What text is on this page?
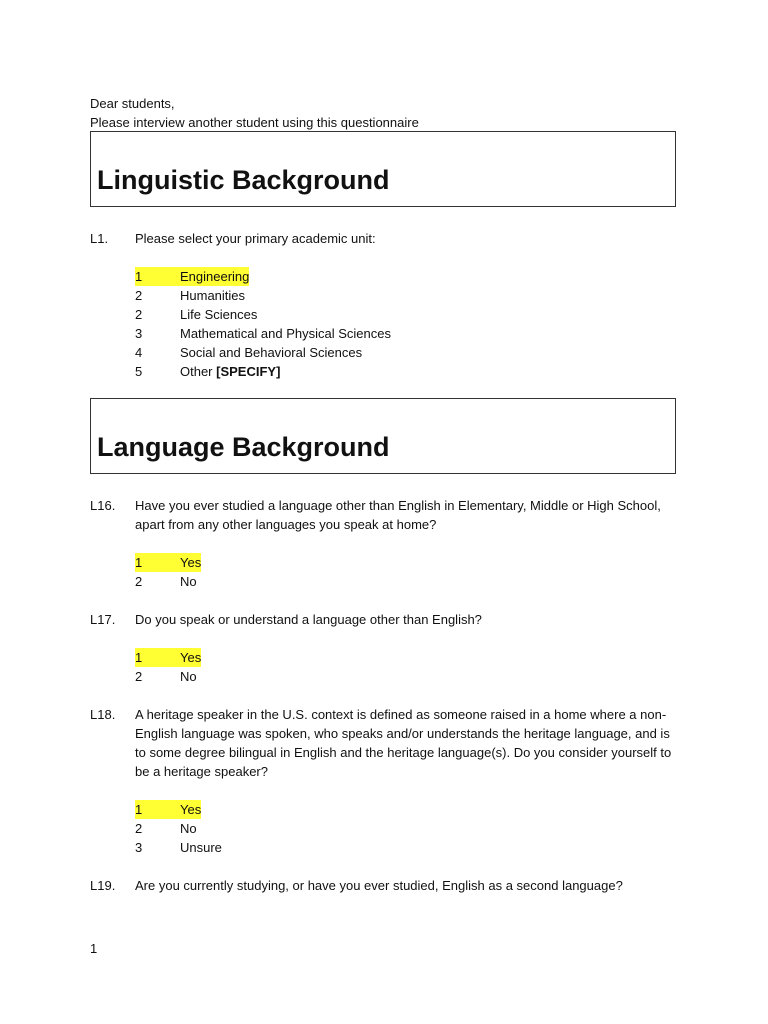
Dear students,
Please interview another student using this questionnaire
Linguistic Background
L1.	Please select your primary academic unit:
1	Engineering
2	Humanities
2	Life Sciences
3	Mathematical and Physical Sciences
4	Social and Behavioral Sciences
5	Other [SPECIFY]
Language Background
L16.	Have you ever studied a language other than English in Elementary, Middle or High School, apart from any other languages you speak at home?
1	Yes
2	No
L17.	Do you speak or understand a language other than English?
1	Yes
2	No
L18.	A heritage speaker in the U.S. context is defined as someone raised in a home where a non-English language was spoken, who speaks and/or understands the heritage language, and is to some degree bilingual in English and the heritage language(s). Do you consider yourself to be a heritage speaker?
1	Yes
2	No
3	Unsure
L19.	Are you currently studying, or have you ever studied, English as a second language?
1
